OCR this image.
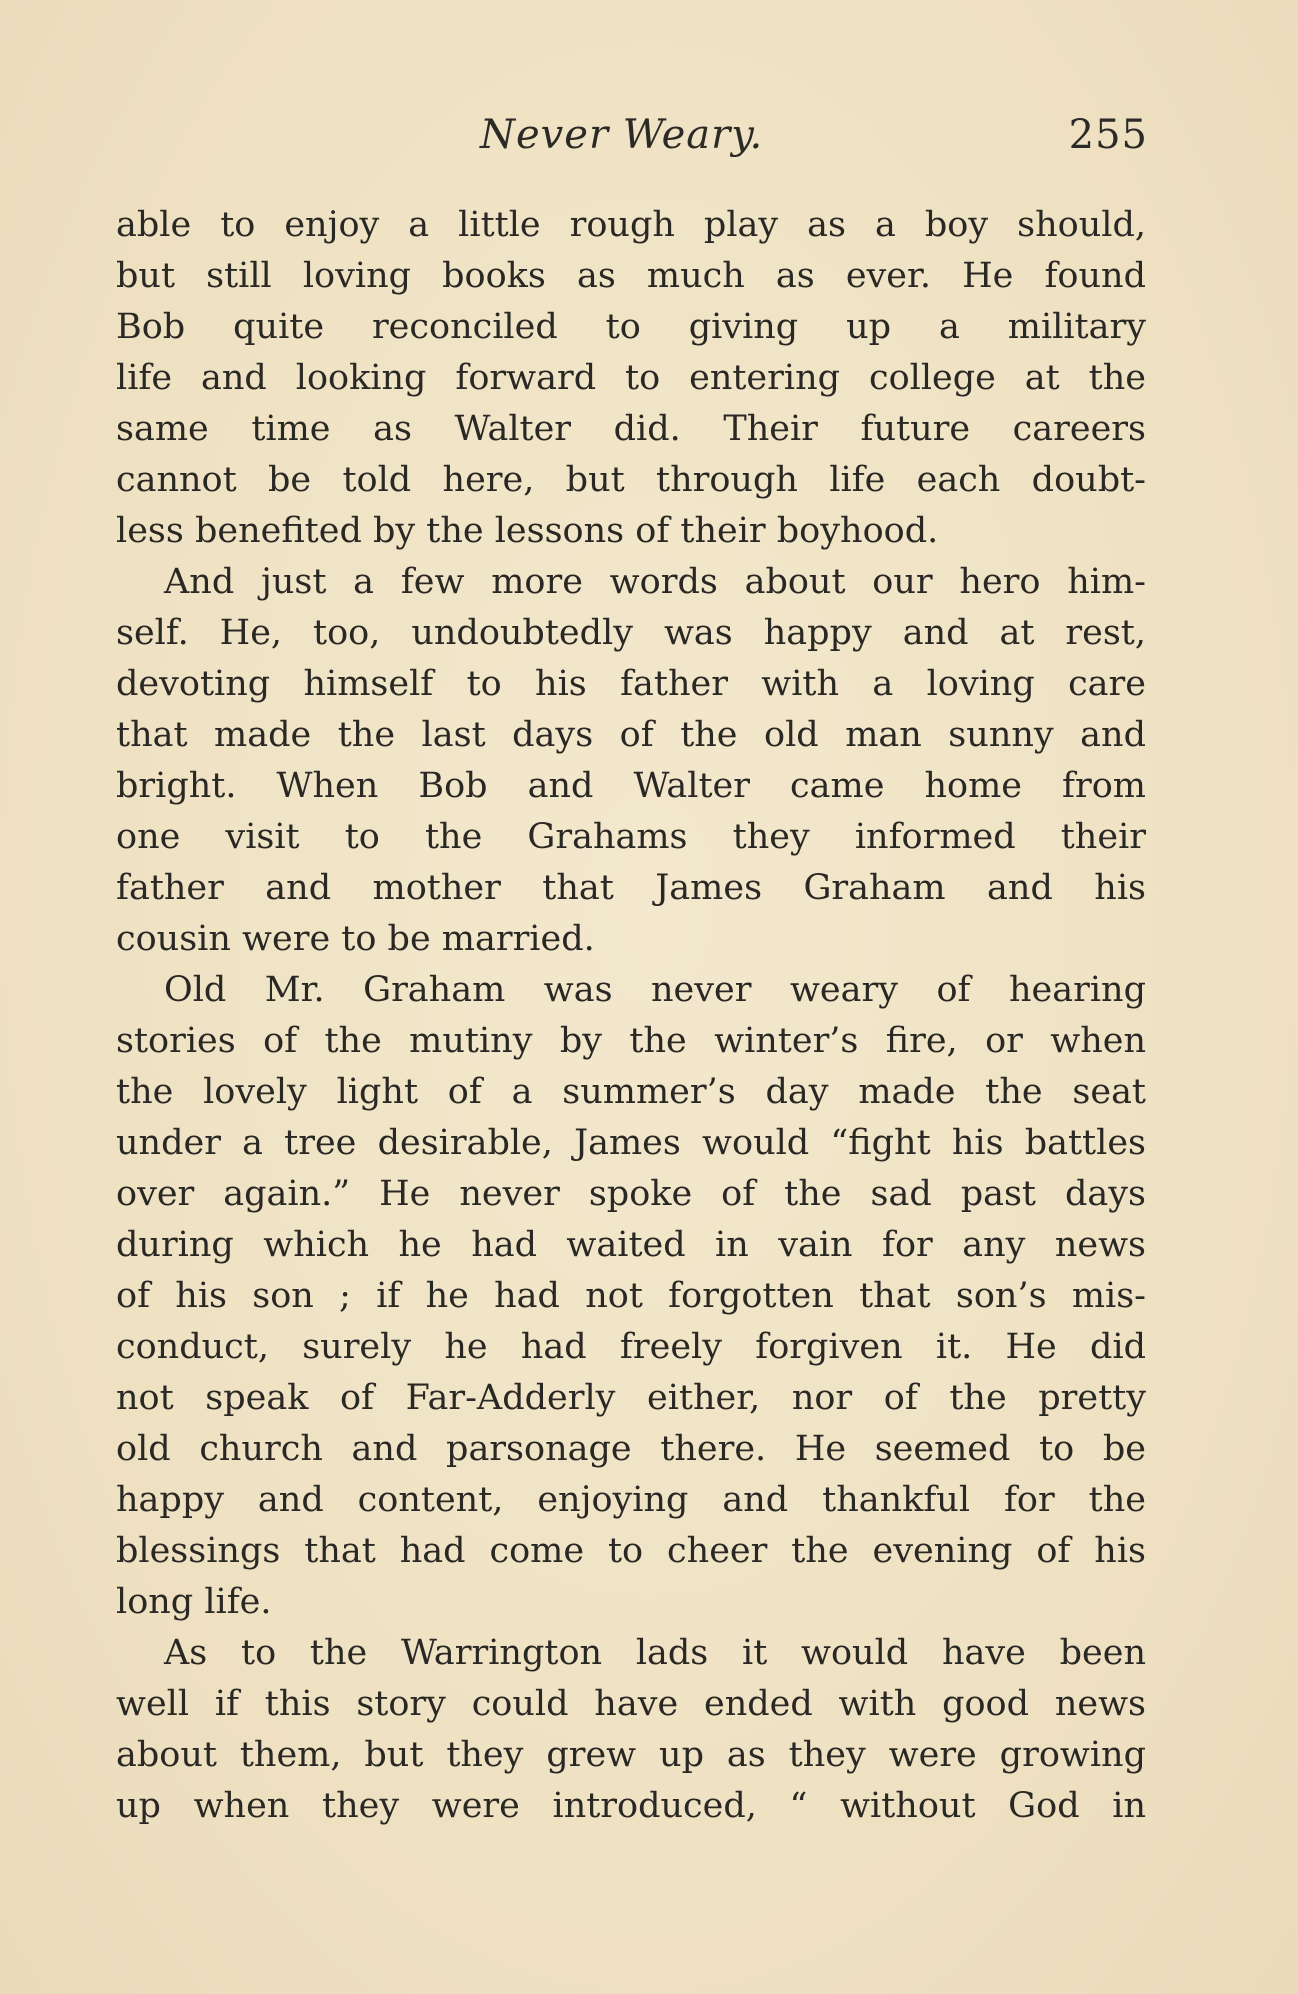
Never Weary.	255
able to enjoy a little rough play as a boy should,
but still loving books as much as ever. He found
Bob quite reconciled to giving up a military
life and looking forward to entering college at the
same time as Walter did. Their future careers
cannot be told here, but through life each doubt-
less benefited by the lessons of their boyhood.
And just a few more words about our hero him-
self. He, too, undoubtedly was happy and at rest,
devoting himself to his father with a loving care
that made the last days of the old man sunny and
bright. When Bob and Walter came home from
one visit to the Grahams they informed their
father and mother that James Graham and his
cousin were to be married.
Old Mr. Graham was never weary of hearing
stories of the mutiny by the winter’s fire, or when
the lovely light of a summer’s day made the seat
under a tree desirable, James would “fight his battles
over again.” He never spoke of the sad past days
during which he had waited in vain for any news
of his son ; if he had not forgotten that son’s mis-
conduct, surely he had freely forgiven it. He did
not speak of Far-Adderly either, nor of the pretty
old church and parsonage there. He seemed to be
happy and content, enjoying and thankful for the
blessings that had come to cheer the evening of his
long life.
As to the Warrington lads it would have been
well if this story could have ended with good news
about them, but they grew up as they were growing
up when they were introduced, “ without God in
